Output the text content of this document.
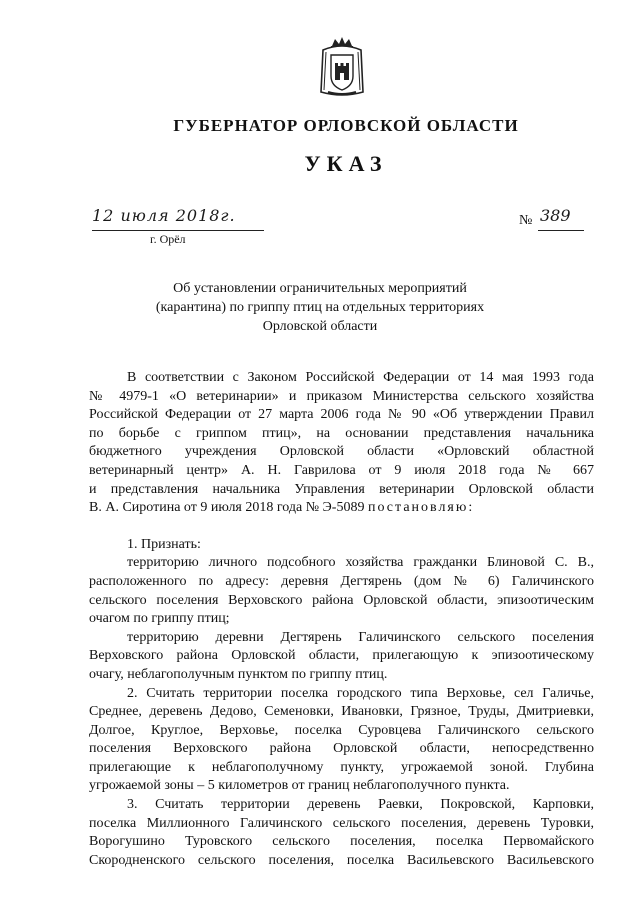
ГУБЕРНАТОР ОРЛОВСКОЙ ОБЛАСТИ
УКАЗ
12 июля 2018г.
г. Орёл
№ 389
Об установлении ограничительных мероприятий
(карантина) по гриппу птиц на отдельных территориях
Орловской области

В соответствии с Законом Российской Федерации от 14 мая 1993 года

№ 4979-1 «О ветеринарии» и приказом Министерства сельского хозяйства

Российской Федерации от 27 марта 2006 года № 90 «Об утверждении Правил

по борьбе с гриппом птиц», на основании представления начальника

бюджетного учреждения Орловской области «Орловский областной

ветеринарный центр» А. Н. Гаврилова от 9 июля 2018 года № 667

и представления начальника Управления ветеринарии Орловской области

В. А. Сиротина от 9 июля 2018 года № Э-5089 постановляю:

1. Признать:

территорию личного подсобного хозяйства гражданки Блиновой С. В.,

расположенного по адресу: деревня Дегтярень (дом № 6) Галичинского

сельского поселения Верховского района Орловской области, эпизоотическим

очагом по гриппу птиц;

территорию деревни Дегтярень Галичинского сельского поселения

Верховского района Орловской области, прилегающую к эпизоотическому

очагу, неблагополучным пунктом по гриппу птиц.

2. Считать территории поселка городского типа Верховье, сел Галичье,

Среднее, деревень Дедово, Семеновки, Ивановки, Грязное, Труды, Дмитриевки,

Долгое, Круглое, Верховье, поселка Суровцева Галичинского сельского

поселения Верховского района Орловской области, непосредственно

прилегающие к неблагополучному пункту, угрожаемой зоной. Глубина

угрожаемой зоны – 5 километров от границ неблагополучного пункта.

3. Считать территории деревень Раевки, Покровской, Карповки,

поселка Миллионного Галичинского сельского поселения, деревень Туровки,

Ворогушино Туровского сельского поселения, поселка Первомайского

Скородненского сельского поселения, поселка Васильевского Васильевского
